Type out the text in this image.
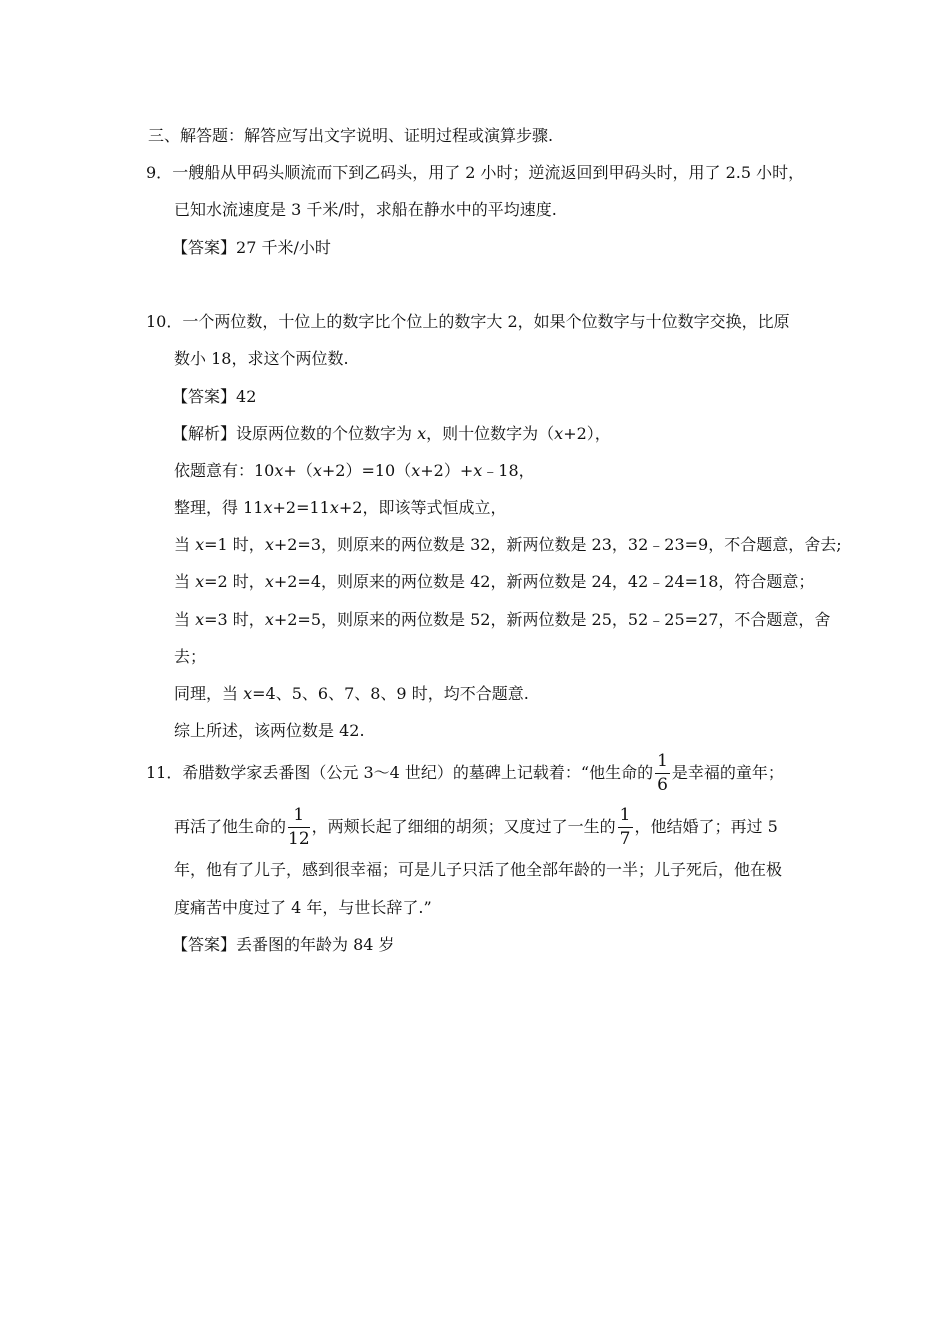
三、解答题：解答应写出文字说明、证明过程或演算步骤.
9．一艘船从甲码头顺流而下到乙码头，用了 2 小时；逆流返回到甲码头时，用了 2.5 小时，
已知水流速度是 3 千米/时，求船在静水中的平均速度.
【答案】27 千米/小时
10．一个两位数，十位上的数字比个位上的数字大 2，如果个位数字与十位数字交换，比原
数小 18，求这个两位数.
【答案】42
【解析】设原两位数的个位数字为 x，则十位数字为（x+2），
依题意有：10x+（x+2）=10（x+2）+x﹣18，
整理，得 11x+2=11x+2，即该等式恒成立，
当 x=1 时，x+2=3，则原来的两位数是 32，新两位数是 23，32﹣23=9，不合题意，舍去;
当 x=2 时，x+2=4，则原来的两位数是 42，新两位数是 24，42﹣24=18，符合题意；
当 x=3 时，x+2=5，则原来的两位数是 52，新两位数是 25，52﹣25=27，不合题意，舍
去；
同理，当 x=4、5、6、7、8、9 时，均不合题意.
综上所述，该两位数是 42.
11．希腊数学家丢番图（公元 3～4 世纪）的墓碑上记载着：“他生命的 $\frac{1}{6}$ 是幸福的童年；
再活了他生命的 $\frac{1}{12}$ ，两颊长起了细细的胡须；又度过了一生的 $\frac{1}{7}$ ，他结婚了；再过 5
年，他有了儿子，感到很幸福；可是儿子只活了他全部年龄的一半；儿子死后，他在极
度痛苦中度过了 4 年，与世长辞了.”
【答案】丢番图的年龄为 84 岁
